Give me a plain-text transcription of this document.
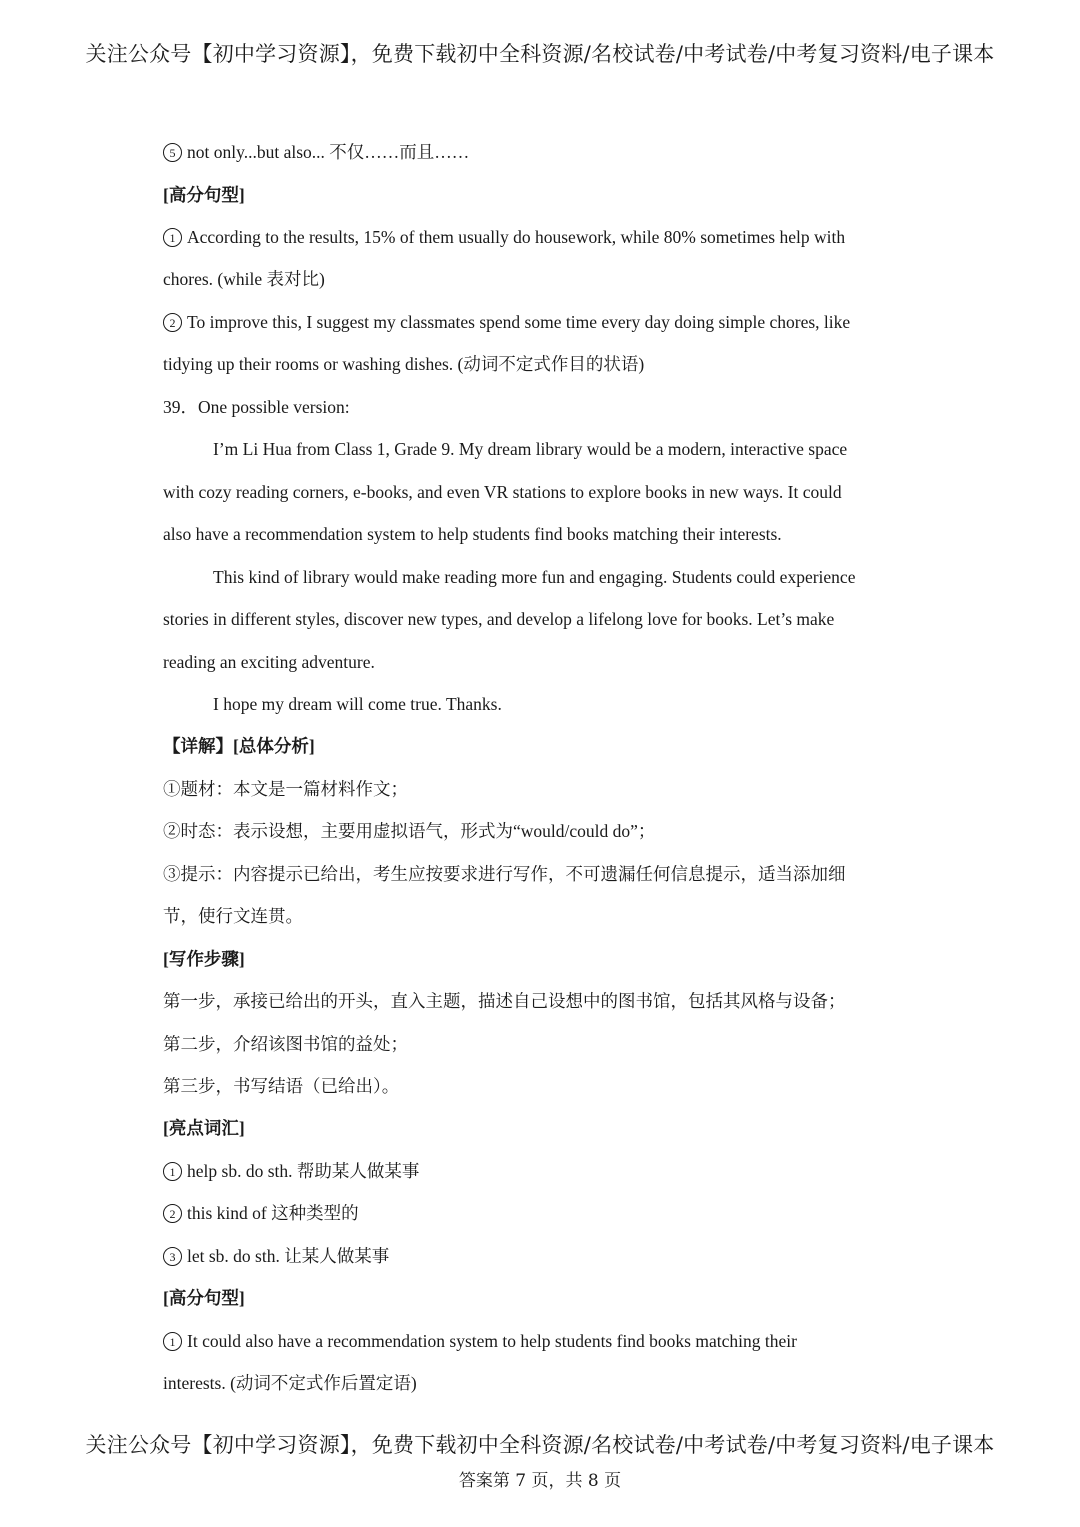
关注公众号【初中学习资源】，免费下载初中全科资源/名校试卷/中考试卷/中考复习资料/电子课本
5 not only...but also... 不仅……而且……
[高分句型]
1 According to the results, 15% of them usually do housework, while 80% sometimes help with
chores. (while 表对比)
2 To improve this, I suggest my classmates spend some time every day doing simple chores, like
tidying up their rooms or washing dishes. (动词不定式作目的状语)
39．One possible version:
I’m Li Hua from Class 1, Grade 9. My dream library would be a modern, interactive space
with cozy reading corners, e-books, and even VR stations to explore books in new ways. It could
also have a recommendation system to help students find books matching their interests.
This kind of library would make reading more fun and engaging. Students could experience
stories in different styles, discover new types, and develop a lifelong love for books. Let’s make
reading an exciting adventure.
I hope my dream will come true. Thanks.
【详解】[总体分析]
①题材：本文是一篇材料作文；
②时态：表示设想，主要用虚拟语气，形式为“would/could do”；
③提示：内容提示已给出，考生应按要求进行写作，不可遗漏任何信息提示，适当添加细
节，使行文连贯。
[写作步骤]
第一步，承接已给出的开头，直入主题，描述自己设想中的图书馆，包括其风格与设备；
第二步，介绍该图书馆的益处；
第三步，书写结语（已给出）。
[亮点词汇]
1 help sb. do sth. 帮助某人做某事
2 this kind of 这种类型的
3 let sb. do sth. 让某人做某事
[高分句型]
1 It could also have a recommendation system to help students find books matching their
interests. (动词不定式作后置定语)
关注公众号【初中学习资源】，免费下载初中全科资源/名校试卷/中考试卷/中考复习资料/电子课本
答案第 7 页，共 8 页
